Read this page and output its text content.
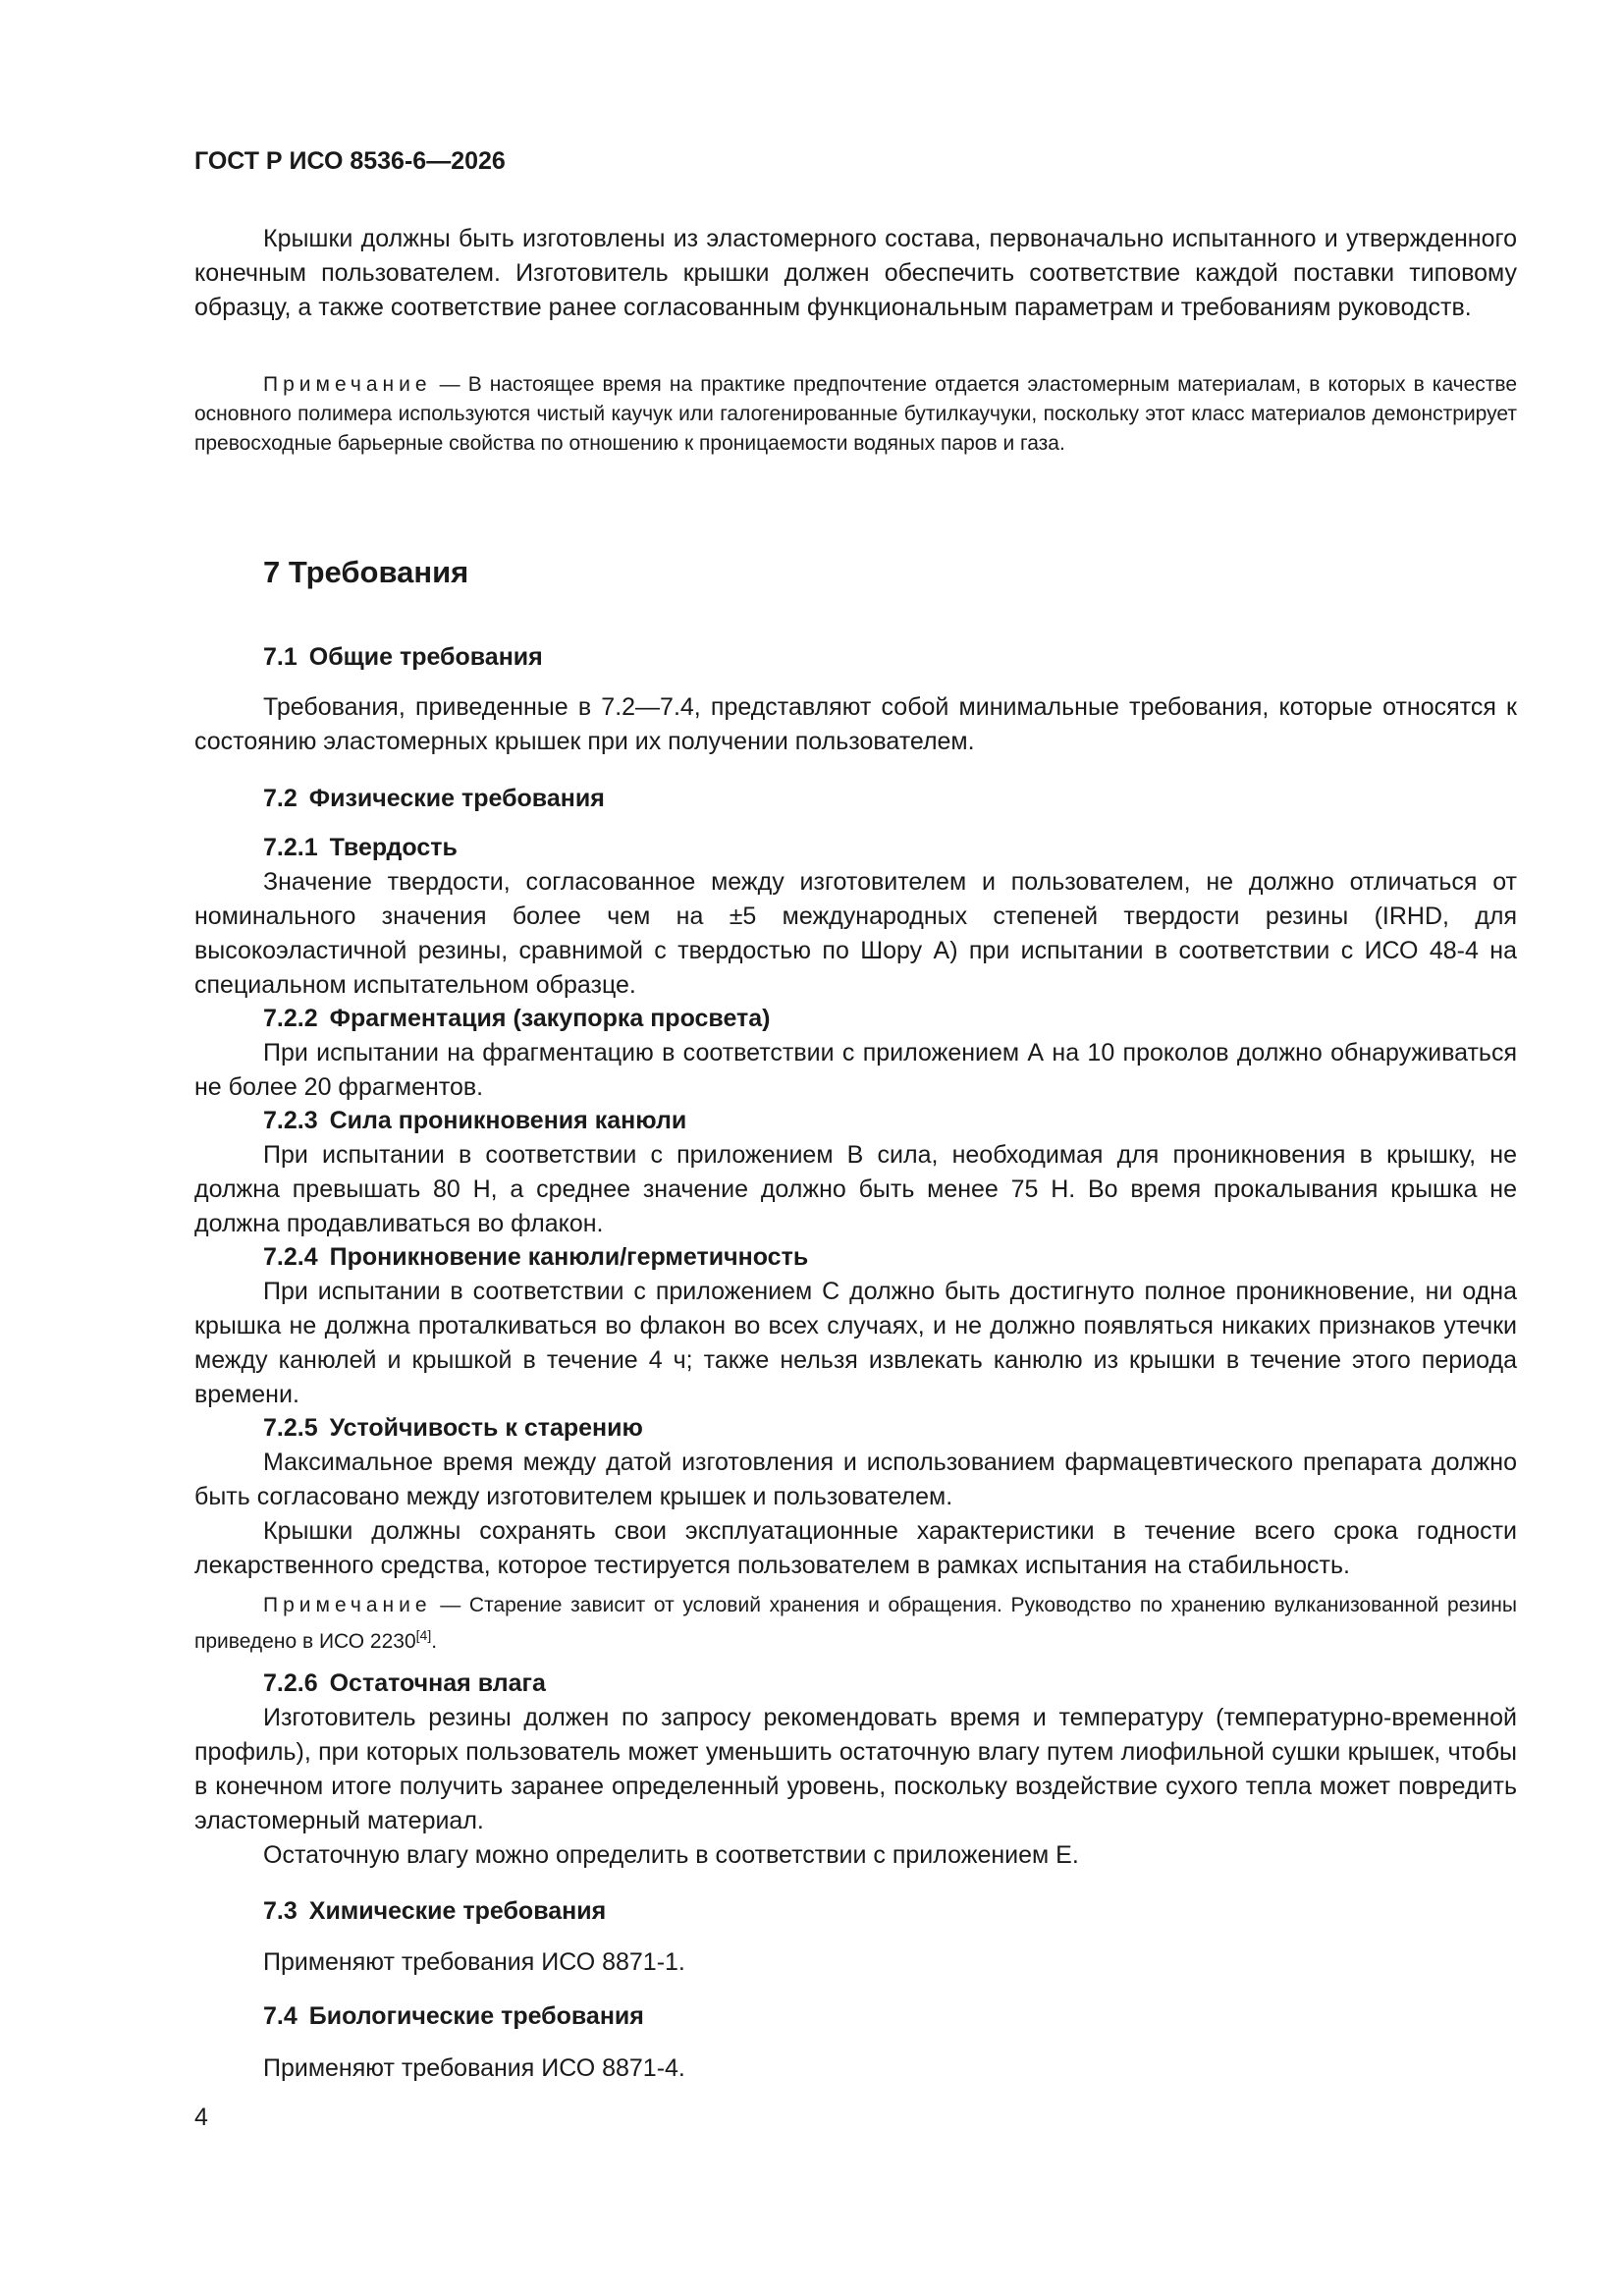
ГОСТ Р ИСО 8536-6—2026

Крышки должны быть изготовлены из эластомерного состава, первоначально испытанного и утвержденного конечным пользователем. Изготовитель крышки должен обеспечить соответствие каждой поставки типовому образцу, а также соответствие ранее согласованным функциональным параметрам и требованиям руководств.

Примечание — В настоящее время на практике предпочтение отдается эластомерным материалам, в которых в качестве основного полимера используются чистый каучук или галогенированные бутилкаучуки, поскольку этот класс материалов демонстрирует превосходные барьерные свойства по отношению к проницаемости водяных паров и газа.

7 Требования
7.1 Общие требования

Требования, приведенные в 7.2—7.4, представляют собой минимальные требования, которые относятся к состоянию эластомерных крышек при их получении пользователем.

7.2 Физические требования
7.2.1 Твердость

Значение твердости, согласованное между изготовителем и пользователем, не должно отличаться от номинального значения более чем на ±5 международных степеней твердости резины (IRHD, для высокоэластичной резины, сравнимой с твердостью по Шору А) при испытании в соответствии с ИСО 48-4 на специальном испытательном образце.

7.2.2 Фрагментация (закупорка просвета)

При испытании на фрагментацию в соответствии с приложением А на 10 проколов должно обнаруживаться не более 20 фрагментов.

7.2.3 Сила проникновения канюли

При испытании в соответствии с приложением В сила, необходимая для проникновения в крышку, не должна превышать 80 Н, а среднее значение должно быть менее 75 Н. Во время прокалывания крышка не должна продавливаться во флакон.

7.2.4 Проникновение канюли/герметичность

При испытании в соответствии с приложением С должно быть достигнуто полное проникновение, ни одна крышка не должна проталкиваться во флакон во всех случаях, и не должно появляться никаких признаков утечки между канюлей и крышкой в течение 4 ч; также нельзя извлекать канюлю из крышки в течение этого периода времени.

7.2.5 Устойчивость к старению

Максимальное время между датой изготовления и использованием фармацевтического препарата должно быть согласовано между изготовителем крышек и пользователем.

Крышки должны сохранять свои эксплуатационные характеристики в течение всего срока годности лекарственного средства, которое тестируется пользователем в рамках испытания на стабильность.

Примечание — Старение зависит от условий хранения и обращения. Руководство по хранению вулканизованной резины приведено в ИСО 2230[4].

7.2.6 Остаточная влага

Изготовитель резины должен по запросу рекомендовать время и температуру (температурно-временной профиль), при которых пользователь может уменьшить остаточную влагу путем лиофильной сушки крышек, чтобы в конечном итоге получить заранее определенный уровень, поскольку воздействие сухого тепла может повредить эластомерный материал.

Остаточную влагу можно определить в соответствии с приложением Е.

7.3 Химические требования

Применяют требования ИСО 8871-1.

7.4 Биологические требования

Применяют требования ИСО 8871-4.

4
